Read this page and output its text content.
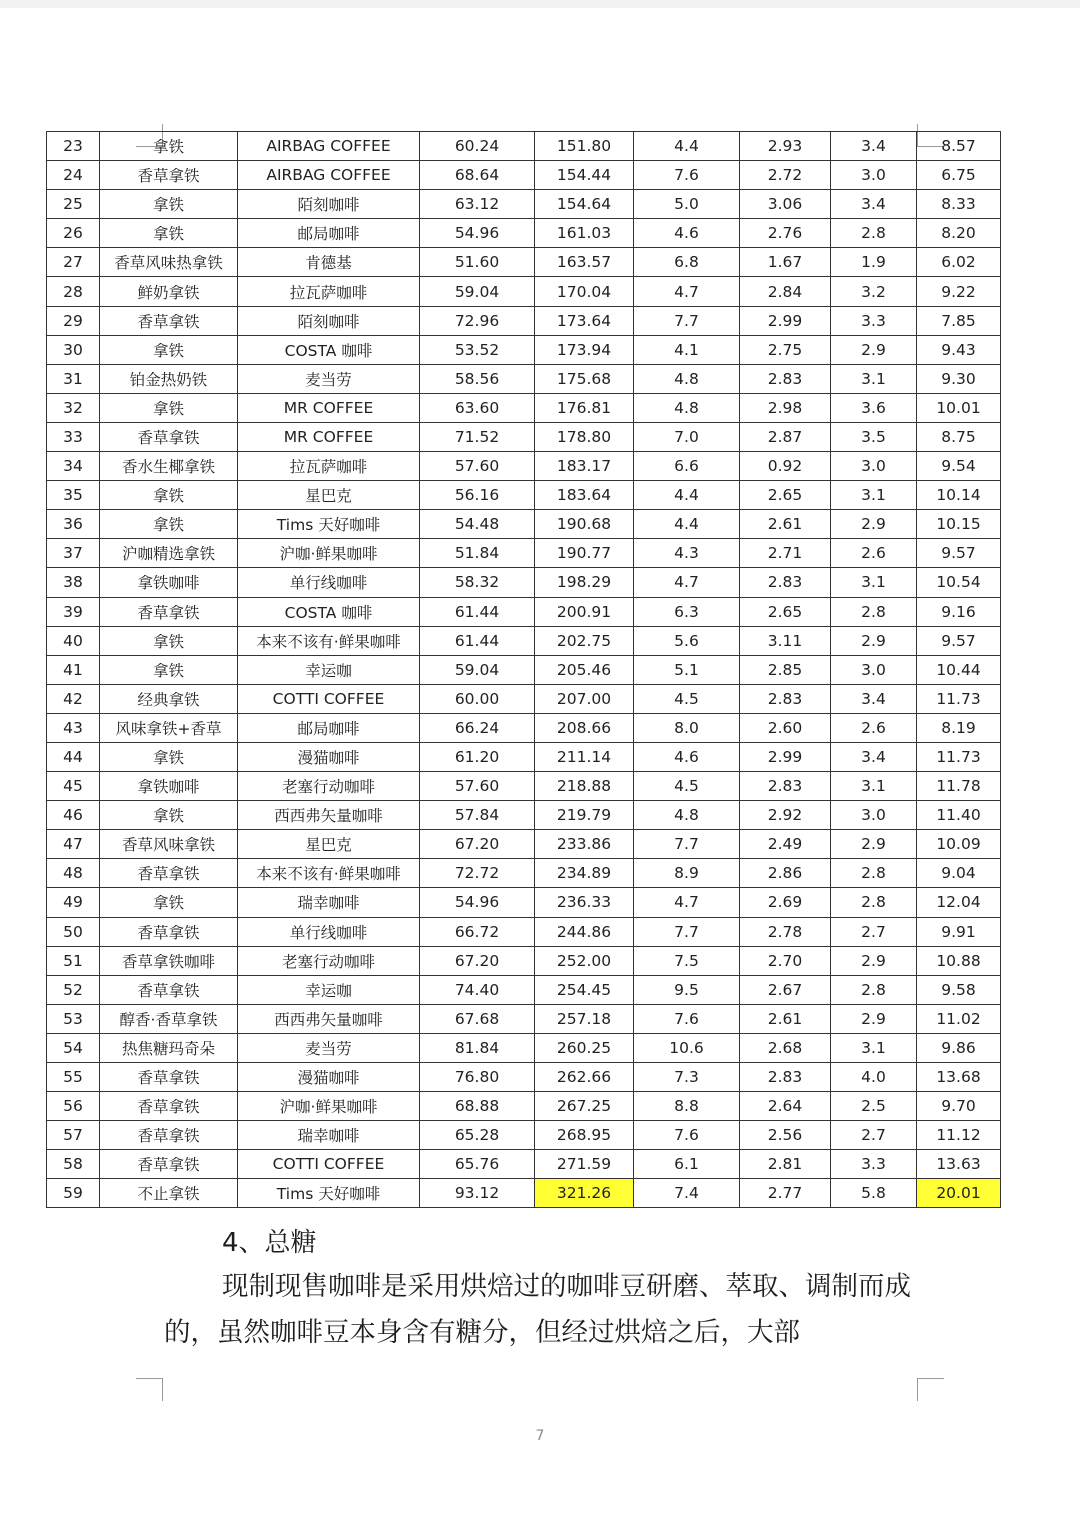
23	拿铁	AIRBAG COFFEE	60.24	151.80	4.4	2.93	3.4	8.57
24	香草拿铁	AIRBAG COFFEE	68.64	154.44	7.6	2.72	3.0	6.75
25	拿铁	陌刻咖啡	63.12	154.64	5.0	3.06	3.4	8.33
26	拿铁	邮局咖啡	54.96	161.03	4.6	2.76	2.8	8.20
27	香草风味热拿铁	肯德基	51.60	163.57	6.8	1.67	1.9	6.02
28	鲜奶拿铁	拉瓦萨咖啡	59.04	170.04	4.7	2.84	3.2	9.22
29	香草拿铁	陌刻咖啡	72.96	173.64	7.7	2.99	3.3	7.85
30	拿铁	COSTA 咖啡	53.52	173.94	4.1	2.75	2.9	9.43
31	铂金热奶铁	麦当劳	58.56	175.68	4.8	2.83	3.1	9.30
32	拿铁	MR COFFEE	63.60	176.81	4.8	2.98	3.6	10.01
33	香草拿铁	MR COFFEE	71.52	178.80	7.0	2.87	3.5	8.75
34	香水生椰拿铁	拉瓦萨咖啡	57.60	183.17	6.6	0.92	3.0	9.54
35	拿铁	星巴克	56.16	183.64	4.4	2.65	3.1	10.14
36	拿铁	Tims 天好咖啡	54.48	190.68	4.4	2.61	2.9	10.15
37	沪咖精选拿铁	沪咖·鲜果咖啡	51.84	190.77	4.3	2.71	2.6	9.57
38	拿铁咖啡	单行线咖啡	58.32	198.29	4.7	2.83	3.1	10.54
39	香草拿铁	COSTA 咖啡	61.44	200.91	6.3	2.65	2.8	9.16
40	拿铁	本来不该有·鲜果咖啡	61.44	202.75	5.6	3.11	2.9	9.57
41	拿铁	幸运咖	59.04	205.46	5.1	2.85	3.0	10.44
42	经典拿铁	COTTI COFFEE	60.00	207.00	4.5	2.83	3.4	11.73
43	风味拿铁+香草	邮局咖啡	66.24	208.66	8.0	2.60	2.6	8.19
44	拿铁	漫猫咖啡	61.20	211.14	4.6	2.99	3.4	11.73
45	拿铁咖啡	老塞行动咖啡	57.60	218.88	4.5	2.83	3.1	11.78
46	拿铁	西西弗矢量咖啡	57.84	219.79	4.8	2.92	3.0	11.40
47	香草风味拿铁	星巴克	67.20	233.86	7.7	2.49	2.9	10.09
48	香草拿铁	本来不该有·鲜果咖啡	72.72	234.89	8.9	2.86	2.8	9.04
49	拿铁	瑞幸咖啡	54.96	236.33	4.7	2.69	2.8	12.04
50	香草拿铁	单行线咖啡	66.72	244.86	7.7	2.78	2.7	9.91
51	香草拿铁咖啡	老塞行动咖啡	67.20	252.00	7.5	2.70	2.9	10.88
52	香草拿铁	幸运咖	74.40	254.45	9.5	2.67	2.8	9.58
53	醇香·香草拿铁	西西弗矢量咖啡	67.68	257.18	7.6	2.61	2.9	11.02
54	热焦糖玛奇朵	麦当劳	81.84	260.25	10.6	2.68	3.1	9.86
55	香草拿铁	漫猫咖啡	76.80	262.66	7.3	2.83	4.0	13.68
56	香草拿铁	沪咖·鲜果咖啡	68.88	267.25	8.8	2.64	2.5	9.70
57	香草拿铁	瑞幸咖啡	65.28	268.95	7.6	2.56	2.7	11.12
58	香草拿铁	COTTI COFFEE	65.76	271.59	6.1	2.81	3.3	13.63
59	不止拿铁	Tims 天好咖啡	93.12	321.26	7.4	2.77	5.8	20.01
4、总糖

现制现售咖啡是采用烘焙过的咖啡豆研磨、萃取、调制而成的，虽然咖啡豆本身含有糖分，但经过烘焙之后，大部

7
